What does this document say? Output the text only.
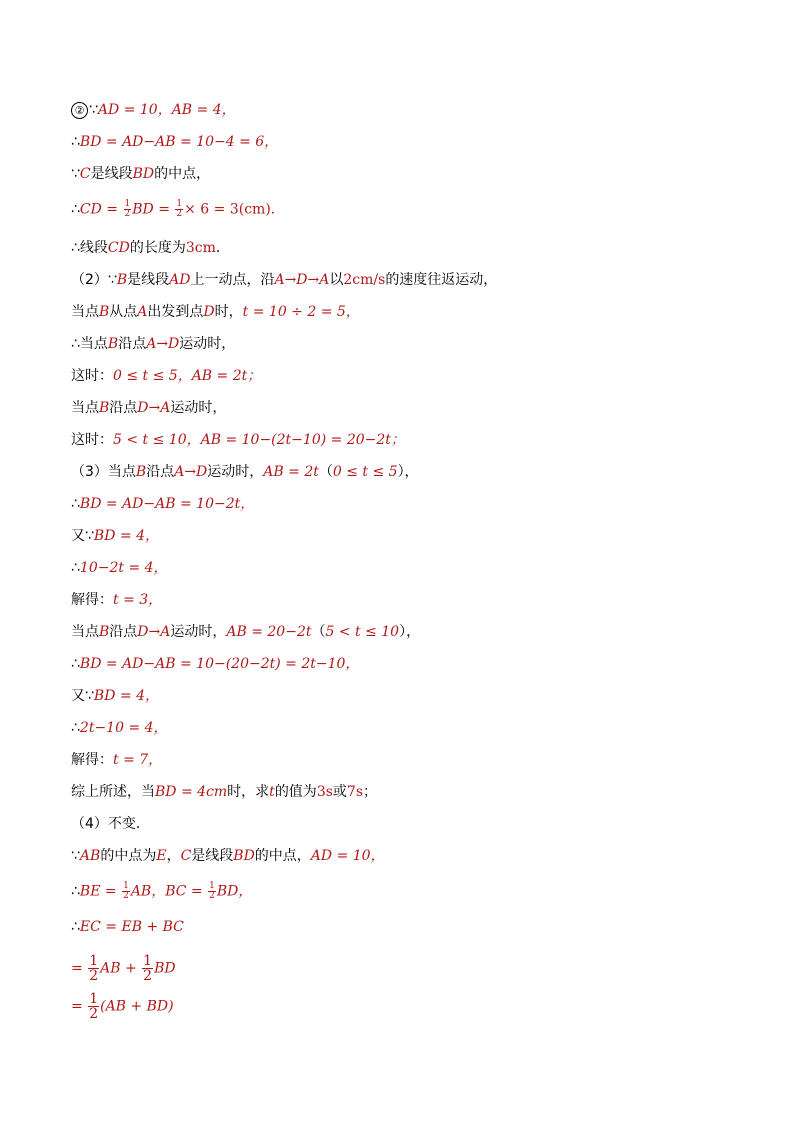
② ∵AD = 10，AB = 4，
∴BD = AD−AB = 10−4 = 6，
∵C是线段BD的中点，
∴CD = $\frac{1}{2}$ BD = $\frac{1}{2} \times 6 = 3(cm)$．
∴线段CD的长度为3cm．
（2）∵B是线段AD上一动点，沿A→D→A以2cm/s的速度往返运动，
当点B从点A出发到点D时，t = 10 ÷ 2 = 5，
∴当点B沿点A→D运动时，
这时：0 ≤ t ≤ 5，AB = 2t；
当点B沿点D→A运动时，
这时：5 < t ≤ 10，AB = 10−(2t−10) = 20−2t；
（3）当点B沿点A→D运动时，AB = 2t（0 ≤ t ≤ 5），
∴BD = AD−AB = 10−2t，
又∵BD = 4，
∴10−2t = 4，
解得：t = 3，
当点B沿点D→A运动时，AB = 20−2t（5 < t ≤ 10），
∴BD = AD−AB = 10−(20−2t) = 2t−10，
又∵BD = 4，
∴2t−10 = 4，
解得：t = 7，
综上所述，当BD = 4cm时，求t的值为3s或7s；
（4）不变．
∵AB的中点为E，C是线段BD的中点，AD = 10，
∴BE = $\frac{1}{2}$ AB，BC = $\frac{1}{2}$ BD，
∴EC = EB + BC
= $\frac{1}{2}$ AB + $\frac{1}{2}$ BD
= $\frac{1}{2} (AB + BD)$
